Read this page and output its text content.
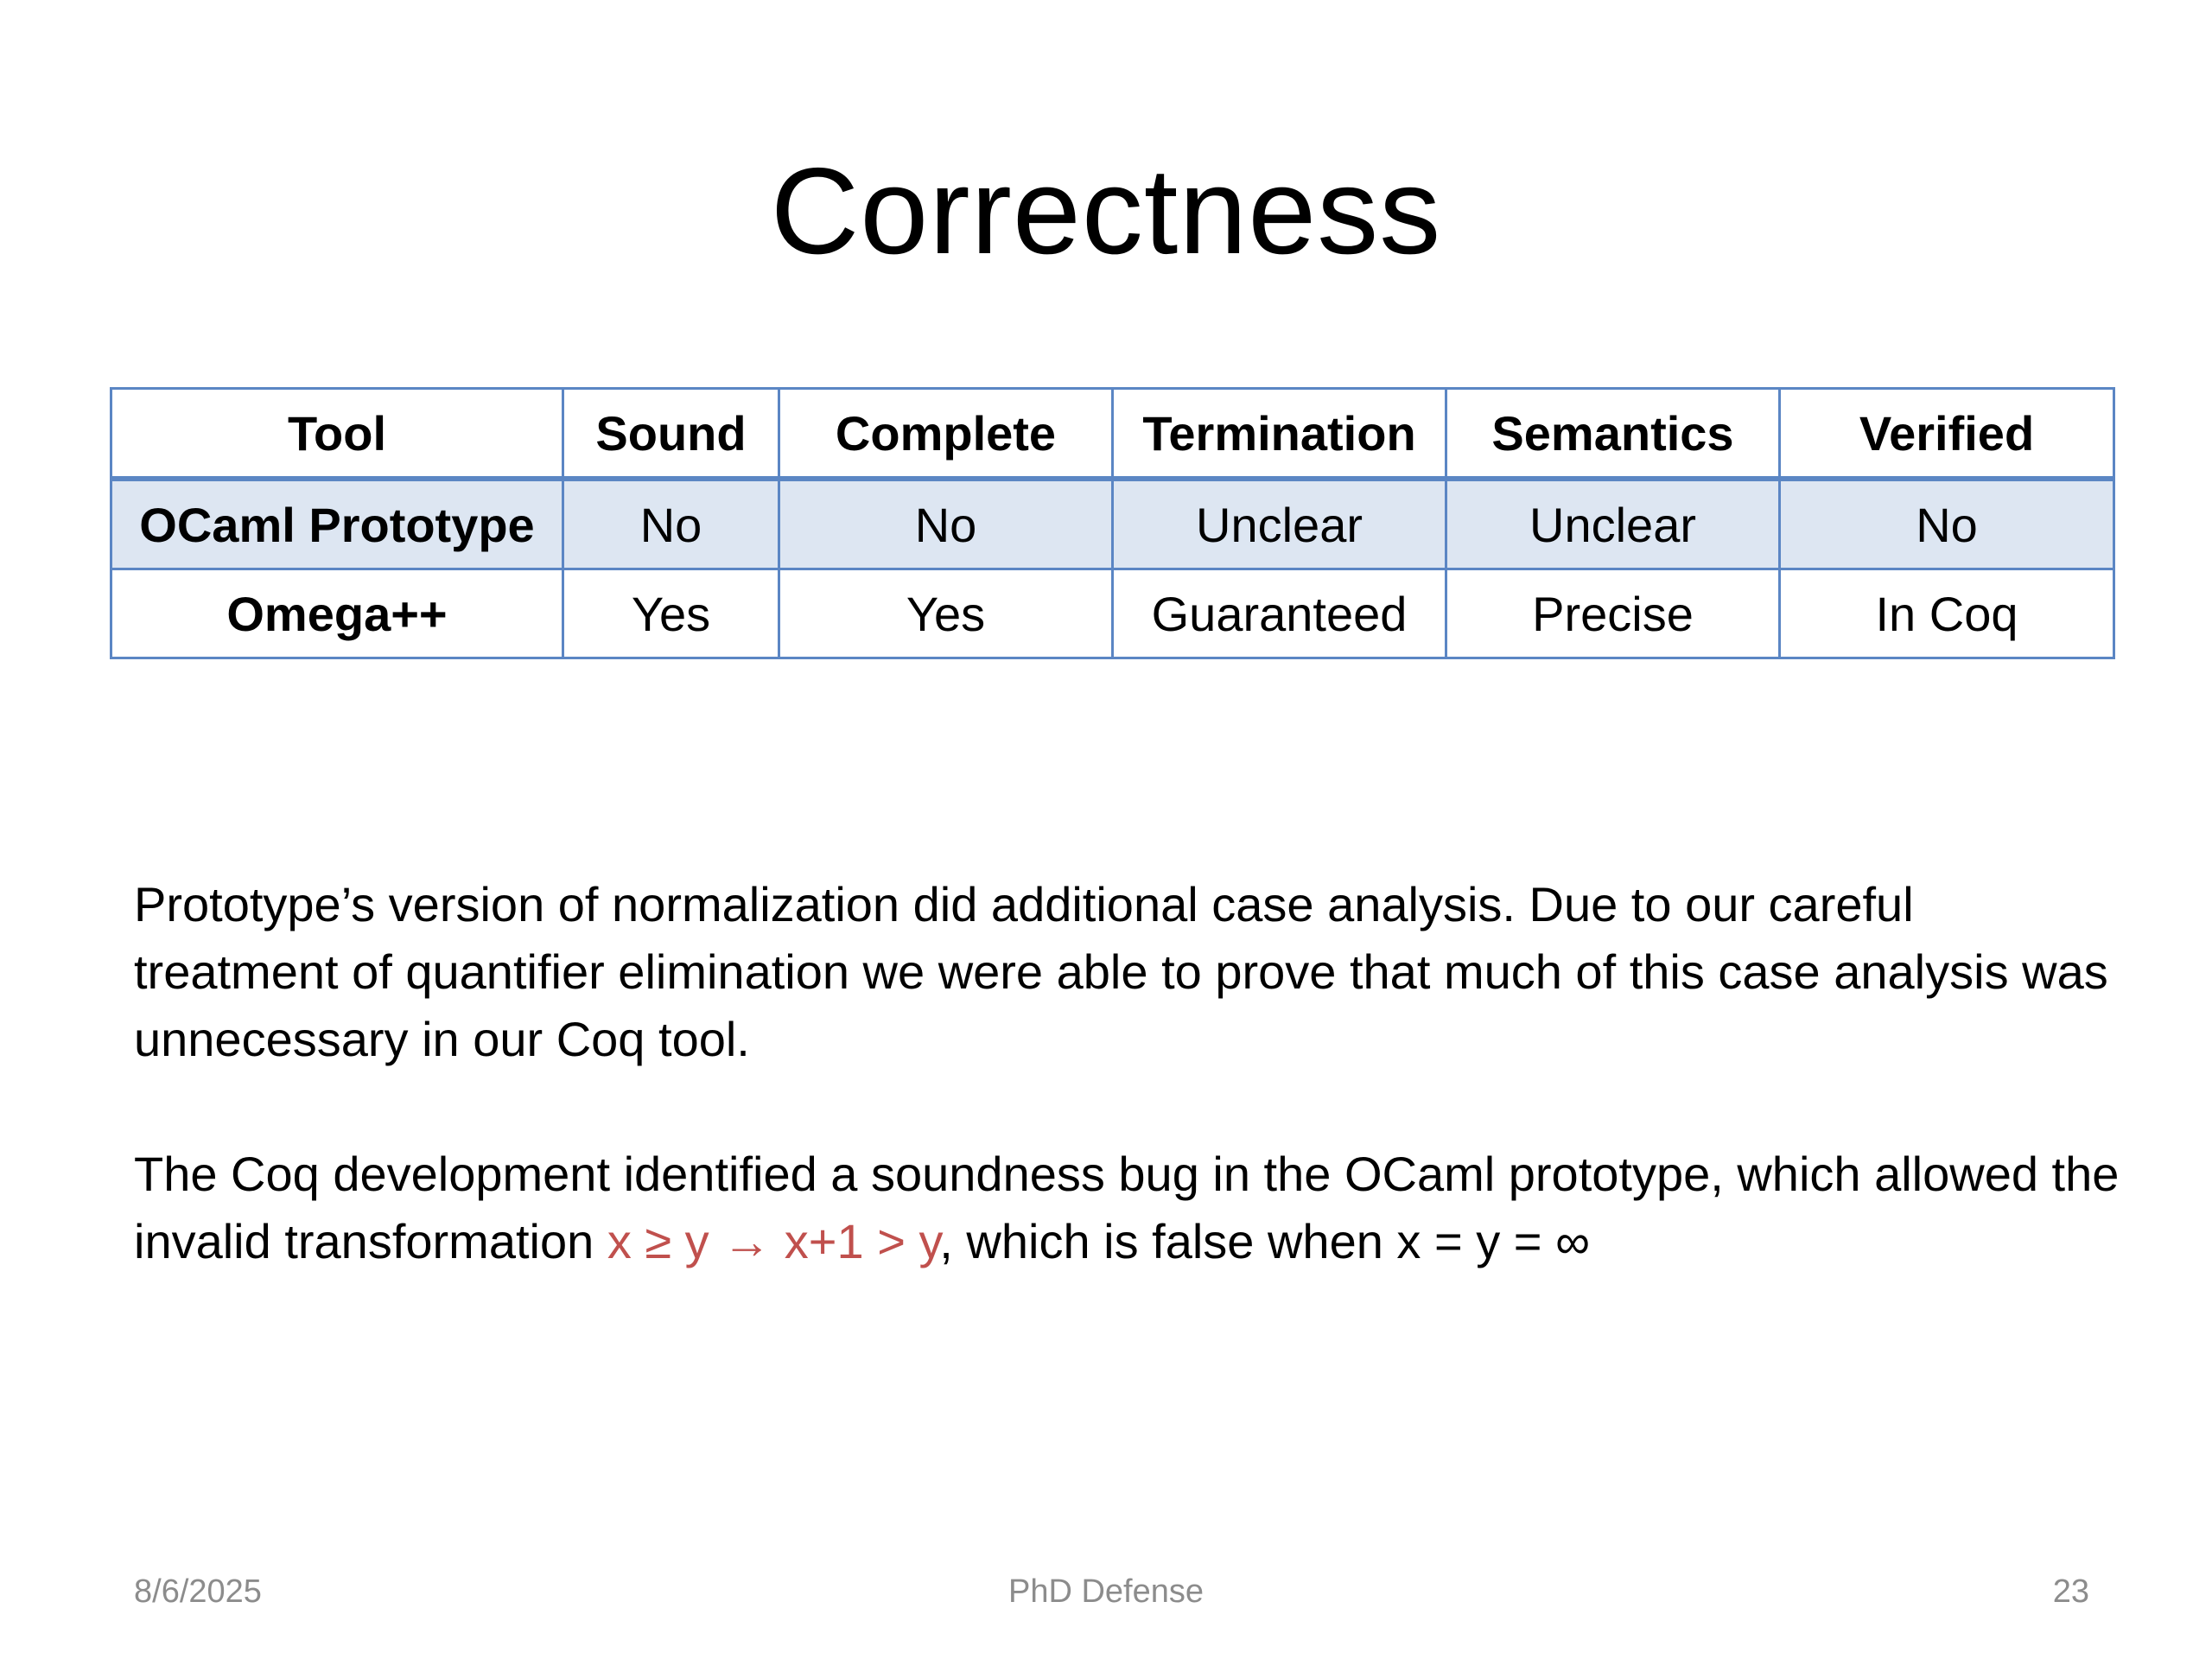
Correctness
Tool	Sound	Complete	Termination	Semantics	Verified
OCaml Prototype	No	No	Unclear	Unclear	No
Omega++	Yes	Yes	Guaranteed	Precise	In Coq

Prototype’s version of normalization did additional case analysis. Due to our careful treatment of quantifier elimination we were able to prove that much of this case analysis was unnecessary in our Coq tool.

The Coq development identified a soundness bug in the OCaml prototype, which allowed the invalid transformation x ≥ y → x+1 > y, which is false when x = y = ∞

8/6/2025	PhD Defense	23
